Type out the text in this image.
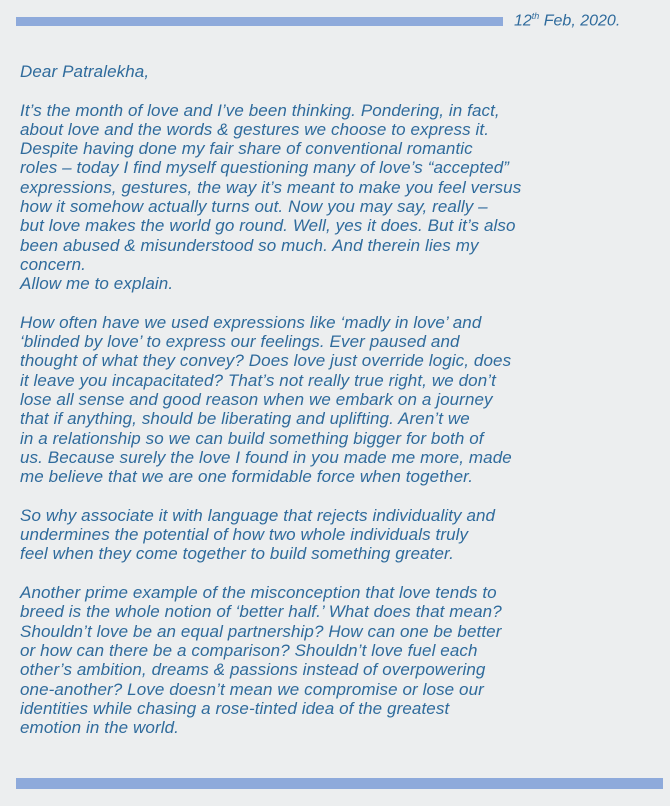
12th Feb, 2020.
Dear Patralekha,
It’s the month of love and I’ve been thinking. Pondering, in fact,
about love and the words & gestures we choose to express it.
Despite having done my fair share of conventional romantic
roles – today I find myself questioning many of love’s “accepted”
expressions, gestures, the way it’s meant to make you feel versus
how it somehow actually turns out. Now you may say, really –
but love makes the world go round. Well, yes it does. But it’s also
been abused & misunderstood so much. And therein lies my
concern.
Allow me to explain.
How often have we used expressions like ‘madly in love’ and
‘blinded by love’ to express our feelings. Ever paused and
thought of what they convey? Does love just override logic, does
it leave you incapacitated? That’s not really true right, we don’t
lose all sense and good reason when we embark on a journey
that if anything, should be liberating and uplifting. Aren’t we
in a relationship so we can build something bigger for both of
us. Because surely the love I found in you made me more, made
me believe that we are one formidable force when together.
So why associate it with language that rejects individuality and
undermines the potential of how two whole individuals truly
feel when they come together to build something greater.
Another prime example of the misconception that love tends to
breed is the whole notion of ‘better half.’ What does that mean?
Shouldn’t love be an equal partnership? How can one be better
or how can there be a comparison? Shouldn’t love fuel each
other’s ambition, dreams & passions instead of overpowering
one-another? Love doesn’t mean we compromise or lose our
identities while chasing a rose-tinted idea of the greatest
emotion in the world.
